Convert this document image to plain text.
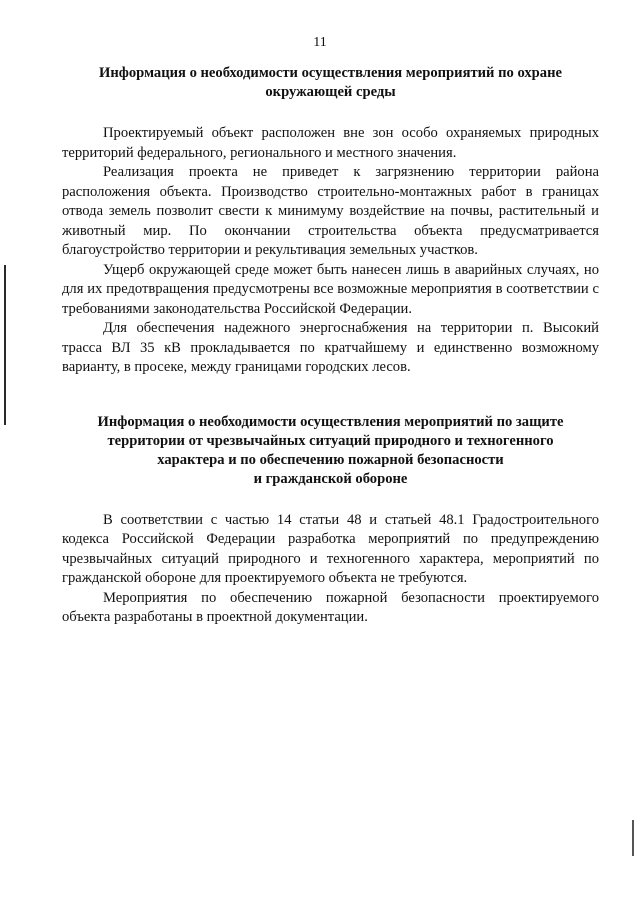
11
Информация о необходимости осуществления мероприятий по охране
окружающей среды

Проектируемый объект расположен вне зон особо охраняемых природных территорий федерального, регионального и местного значения.

Реализация проекта не приведет к загрязнению территории района расположения объекта. Производство строительно-монтажных работ в границах отвода земель позволит свести к минимуму воздействие на почвы, растительный и животный мир. По окончании строительства объекта предусматривается благоустройство территории и рекультивация земельных участков.

Ущерб окружающей среде может быть нанесен лишь в аварийных случаях, но для их предотвращения предусмотрены все возможные мероприятия в соответствии с требованиями законодательства Российской Федерации.

Для обеспечения надежного энергоснабжения на территории п. Высокий трасса ВЛ 35 кВ прокладывается по кратчайшему и единственно возможному варианту, в просеке, между границами городских лесов.

Информация о необходимости осуществления мероприятий по защите
территории от чрезвычайных ситуаций природного и техногенного
характера и по обеспечению пожарной безопасности
и гражданской обороне

В соответствии с частью 14 статьи 48 и статьей 48.1 Градостроительного кодекса Российской Федерации разработка мероприятий по предупреждению чрезвычайных ситуаций природного и техногенного характера, мероприятий по гражданской обороне для проектируемого объекта не требуются.

Мероприятия по обеспечению пожарной безопасности проектируемого объекта разработаны в проектной документации.
